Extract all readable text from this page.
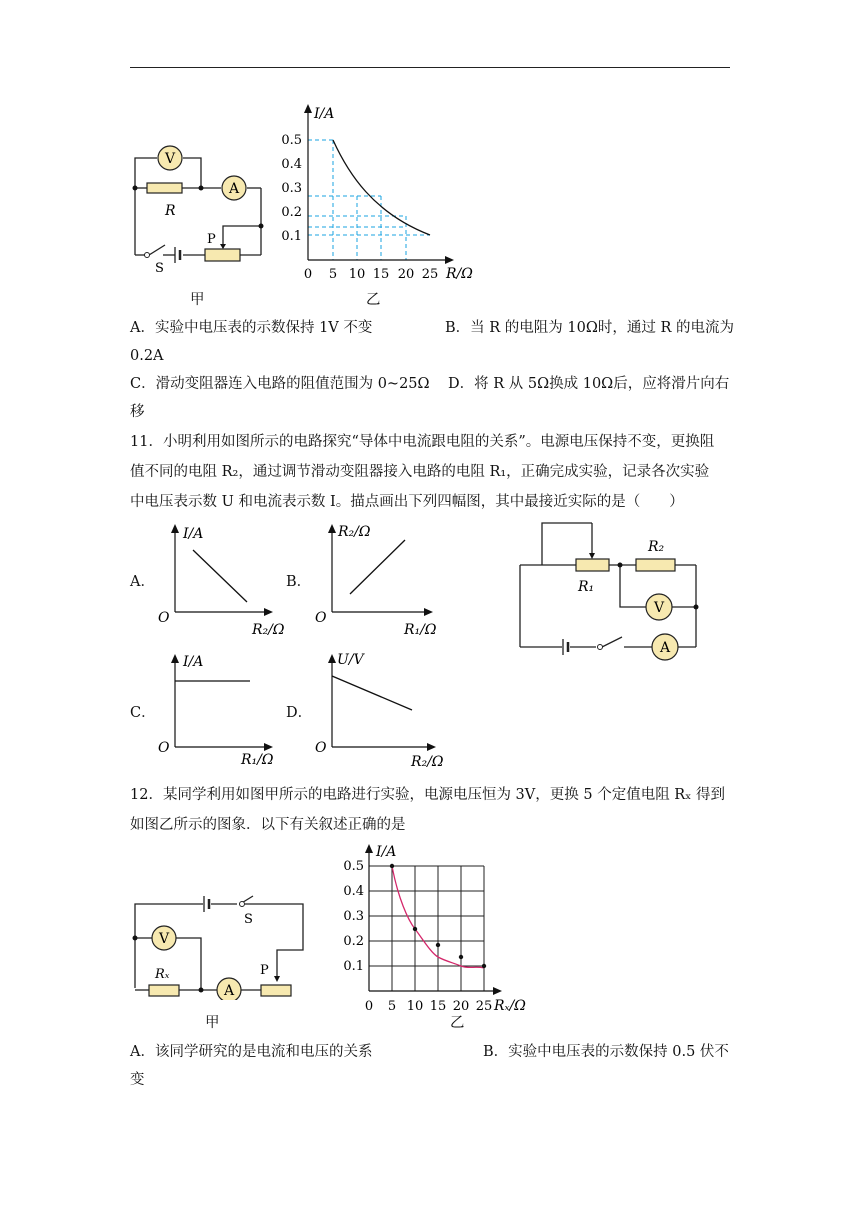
V
A
R
P
S
I/A
R/Ω
0.5
0.4
0.3
0.2
0.1
0 5 10 15 20 25
甲	乙
A．实验中电压表的示数保持 1V 不变	B．当 R 的电阻为 10Ω时，通过 R 的电流为
0.2A
C．滑动变阻器连入电路的阻值范围为 0~25Ω D．将 R 从 5Ω换成 10Ω后，应将滑片向右
移
11．小明利用如图所示的电路探究“导体中电流跟电阻的关系”。电源电压保持不变，更换阻
值不同的电阻 R₂，通过调节滑动变阻器接入电路的电阻 R₁，正确完成实验，记录各次实验
中电压表示数 U 和电流表示数 I。描点画出下列四幅图，其中最接近实际的是（　　）
A．	B．
C．	D．
I/A
O
R₂/Ω
R₂/Ω
O
R₁/Ω
I/A
O
R₁/Ω
U/V
O
R₂/Ω
V
A
R₁
R₂
12．某同学利用如图甲所示的电路进行实验，电源电压恒为 3V，更换 5 个定值电阻 Rₓ 得到
如图乙所示的图象．以下有关叙述正确的是
V
A
Rₓ	P
S
I/A
Rₓ/Ω
0.5
0.4
0.3
0.2
0.1
0 5 10 15 20 25
甲	乙
A．该同学研究的是电流和电压的关系	B．实验中电压表的示数保持 0.5 伏不
变
